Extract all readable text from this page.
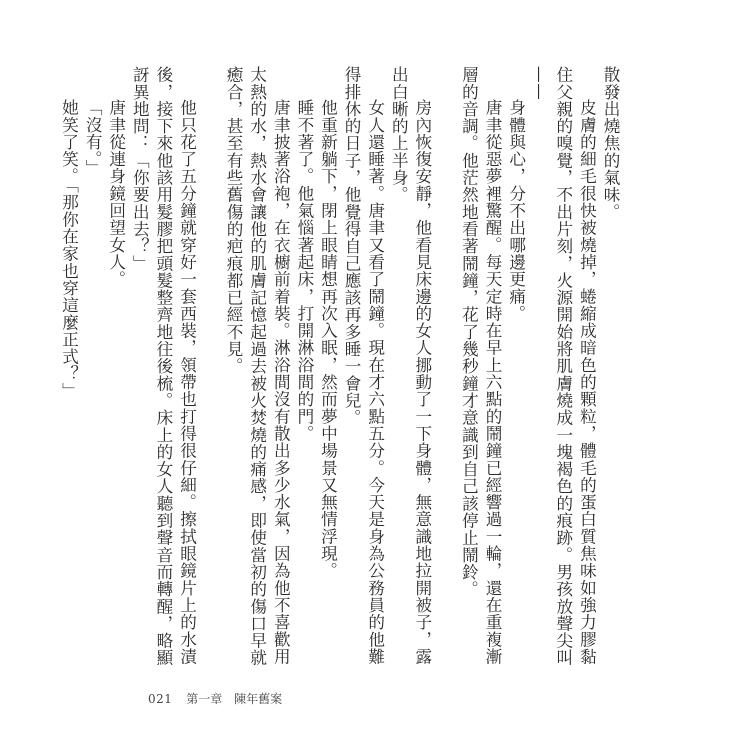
散發出燒焦的氣味。

皮膚的細毛很快被燒掉，蜷縮成暗色的顆粒，體毛的蛋白質焦味如強力膠黏住父親的嗅覺，不出片刻，火源開始將肌膚燒成一塊褐色的痕跡。男孩放聲尖叫——

身體與心，分不出哪邊更痛。

唐聿從惡夢裡驚醒。每天定時在早上六點的鬧鐘已經響過一輪，還在重複漸層的音調。他茫然地看著鬧鐘，花了幾秒鐘才意識到自己該停止鬧鈴。

房內恢復安靜，他看見床邊的女人挪動了一下身體，無意識地拉開被子，露出白晰的上半身。

女人還睡著。唐聿又看了鬧鐘。現在才六點五分。今天是身為公務員的他難得排休的日子，他覺得自己應該再多睡一會兒。

他重新躺下，閉上眼睛想再次入眠，然而夢中場景又無情浮現。

睡不著了。他氣惱著起床，打開淋浴間的門。

唐聿披著浴袍，在衣櫥前着裝。淋浴間沒有散出多少水氣，因為他不喜歡用太熱的水，熱水會讓他的肌膚記憶起過去被火焚燒的痛感，即使當初的傷口早就癒合，甚至有些舊傷的疤痕都已經不見。

他只花了五分鐘就穿好一套西裝，領帶也打得很仔細。擦拭眼鏡片上的水漬後，接下來他該用髮膠把頭髮整齊地往後梳。床上的女人聽到聲音而轉醒，略顯訝異地問：「你要出去？」

唐聿從連身鏡回望女人。

「沒有。」

她笑了笑。「那你在家也穿這麼正式？」

021 第一章 陳年舊案
